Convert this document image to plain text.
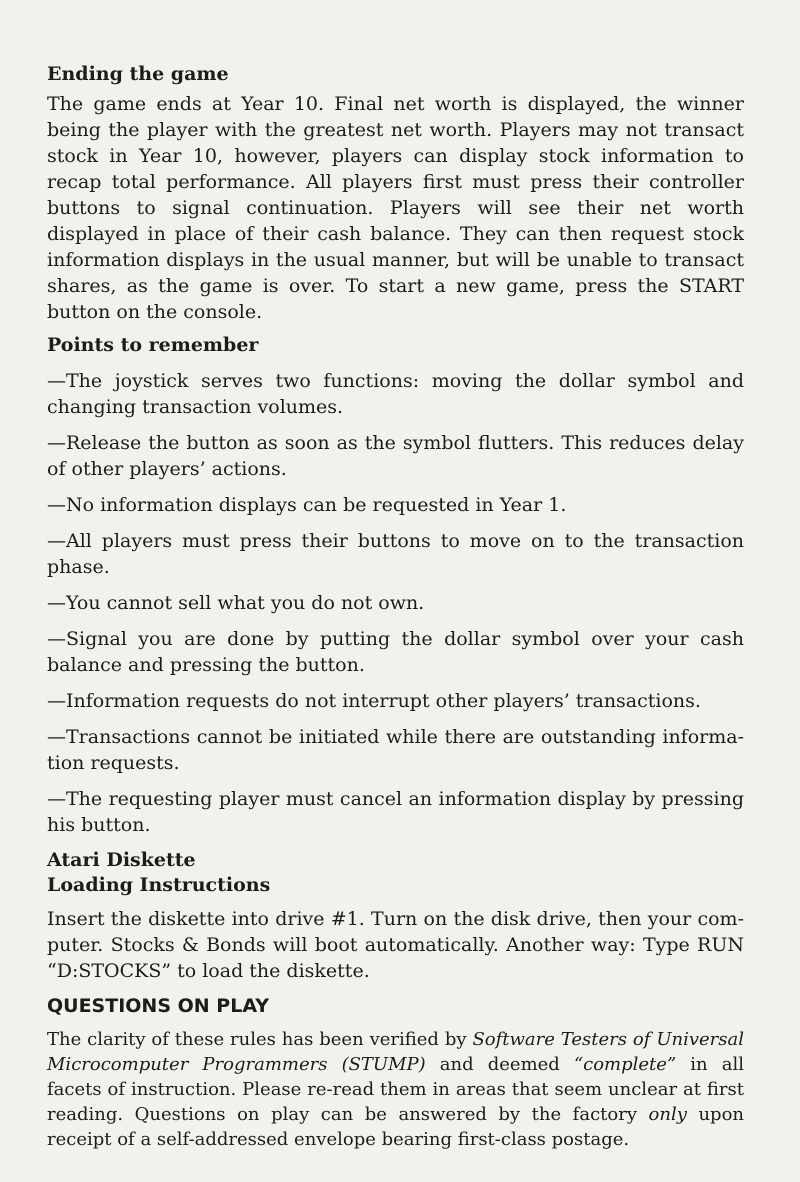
Ending the game

The game ends at Year 10. Final net worth is displayed, the winner being the player with the greatest net worth. Players may not transact stock in Year 10, however, players can display stock information to recap total performance. All players first must press their controller buttons to signal continuation. Players will see their net worth displayed in place of their cash balance. They can then request stock information displays in the usual manner, but will be unable to transact shares, as the game is over. To start a new game, press the START button on the console.

Points to remember

—The joystick serves two functions: moving the dollar symbol and changing transaction volumes.

—Release the button as soon as the symbol flutters. This reduces delay of other players’ actions.

—No information displays can be requested in Year 1.

—All players must press their buttons to move on to the transaction phase.

—You cannot sell what you do not own.

—Signal you are done by putting the dollar symbol over your cash balance and pressing the button.

—Information requests do not interrupt other players’ transactions.

—Transactions cannot be initiated while there are outstanding informa-tion requests.

—The requesting player must cancel an information display by pressing his button.

Atari Diskette
Loading Instructions

Insert the diskette into drive #1. Turn on the disk drive, then your com-puter. Stocks & Bonds will boot automatically. Another way: Type RUN “D:STOCKS” to load the diskette.

QUESTIONS ON PLAY

The clarity of these rules has been verified by Software Testers of Universal Microcomputer Programmers (STUMP) and deemed “complete” in all facets of instruction. Please re-read them in areas that seem unclear at first reading. Questions on play can be answered by the factory only upon receipt of a self-addressed envelope bearing first-class postage.
